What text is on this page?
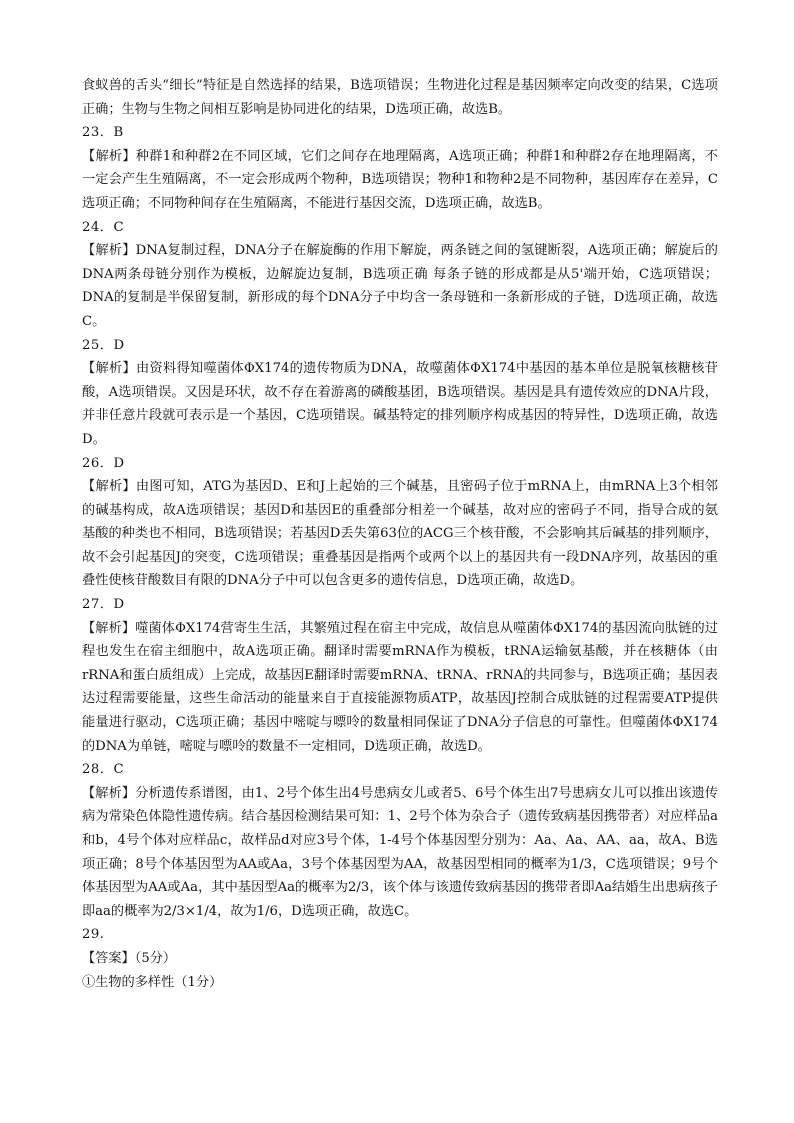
食蚁兽的舌头“细长”特征是自然选择的结果，B选项错误；生物进化过程是基因频率定向改变的结果，C选项正确；生物与生物之间相互影响是协同进化的结果，D选项正确，故选B。

23．B

【解析】种群1和种群2在不同区域，它们之间存在地理隔离，A选项正确；种群1和种群2存在地理隔离，不一定会产生生殖隔离，不一定会形成两个物种，B选项错误；物种1和物种2是不同物种，基因库存在差异，C选项正确；不同物种间存在生殖隔离，不能进行基因交流，D选项正确，故选B。

24．C

【解析】DNA复制过程，DNA分子在解旋酶的作用下解旋，两条链之间的氢键断裂，A选项正确；解旋后的DNA两条母链分别作为模板，边解旋边复制，B选项正确 每条子链的形成都是从5'端开始，C选项错误；DNA的复制是半保留复制，新形成的每个DNA分子中均含一条母链和一条新形成的子链，D选项正确，故选C。

25．D

【解析】由资料得知噬菌体ΦX174的遗传物质为DNA，故噬菌体ΦX174中基因的基本单位是脱氧核糖核苷酸，A选项错误。又因是环状，故不存在着游离的磷酸基团，B选项错误。基因是具有遗传效应的DNA片段，并非任意片段就可表示是一个基因，C选项错误。碱基特定的排列顺序构成基因的特异性，D选项正确，故选D。

26．D

【解析】由图可知，ATG为基因D、E和J上起始的三个碱基，且密码子位于mRNA上，由mRNA上3个相邻的碱基构成，故A选项错误；基因D和基因E的重叠部分相差一个碱基，故对应的密码子不同，指导合成的氨基酸的种类也不相同，B选项错误；若基因D丢失第63位的ACG三个核苷酸，不会影响其后碱基的排列顺序，故不会引起基因J的突变，C选项错误；重叠基因是指两个或两个以上的基因共有一段DNA序列，故基因的重叠性使核苷酸数目有限的DNA分子中可以包含更多的遗传信息，D选项正确，故选D。

27．D

【解析】噬菌体ΦX174营寄生生活，其繁殖过程在宿主中完成，故信息从噬菌体ΦX174的基因流向肽链的过程也发生在宿主细胞中，故A选项正确。翻译时需要mRNA作为模板，tRNA运输氨基酸，并在核糖体（由rRNA和蛋白质组成）上完成，故基因E翻译时需要mRNA、tRNA、rRNA的共同参与，B选项正确；基因表达过程需要能量，这些生命活动的能量来自于直接能源物质ATP，故基因J控制合成肽链的过程需要ATP提供能量进行驱动，C选项正确；基因中嘧啶与嘌呤的数量相同保证了DNA分子信息的可靠性。但噬菌体ΦX174的DNA为单链，嘧啶与嘌呤的数量不一定相同，D选项正确，故选D。

28．C

【解析】分析遗传系谱图，由1、2号个体生出4号患病女儿或者5、6号个体生出7号患病女儿可以推出该遗传病为常染色体隐性遗传病。结合基因检测结果可知：1、2号个体为杂合子（遗传致病基因携带者）对应样品a和b，4号个体对应样品c，故样品d对应3号个体，1-4号个体基因型分别为：Aa、Aa、AA、aa，故A、B选项正确；8号个体基因型为AA或Aa，3号个体基因型为AA，故基因型相同的概率为1/3，C选项错误；9号个体基因型为AA或Aa，其中基因型Aa的概率为2/3，该个体与该遗传致病基因的携带者即Aa结婚生出患病孩子即aa的概率为2/3×1/4，故为1/6，D选项正确，故选C。

29.

【答案】（5分）

①生物的多样性（1分）
